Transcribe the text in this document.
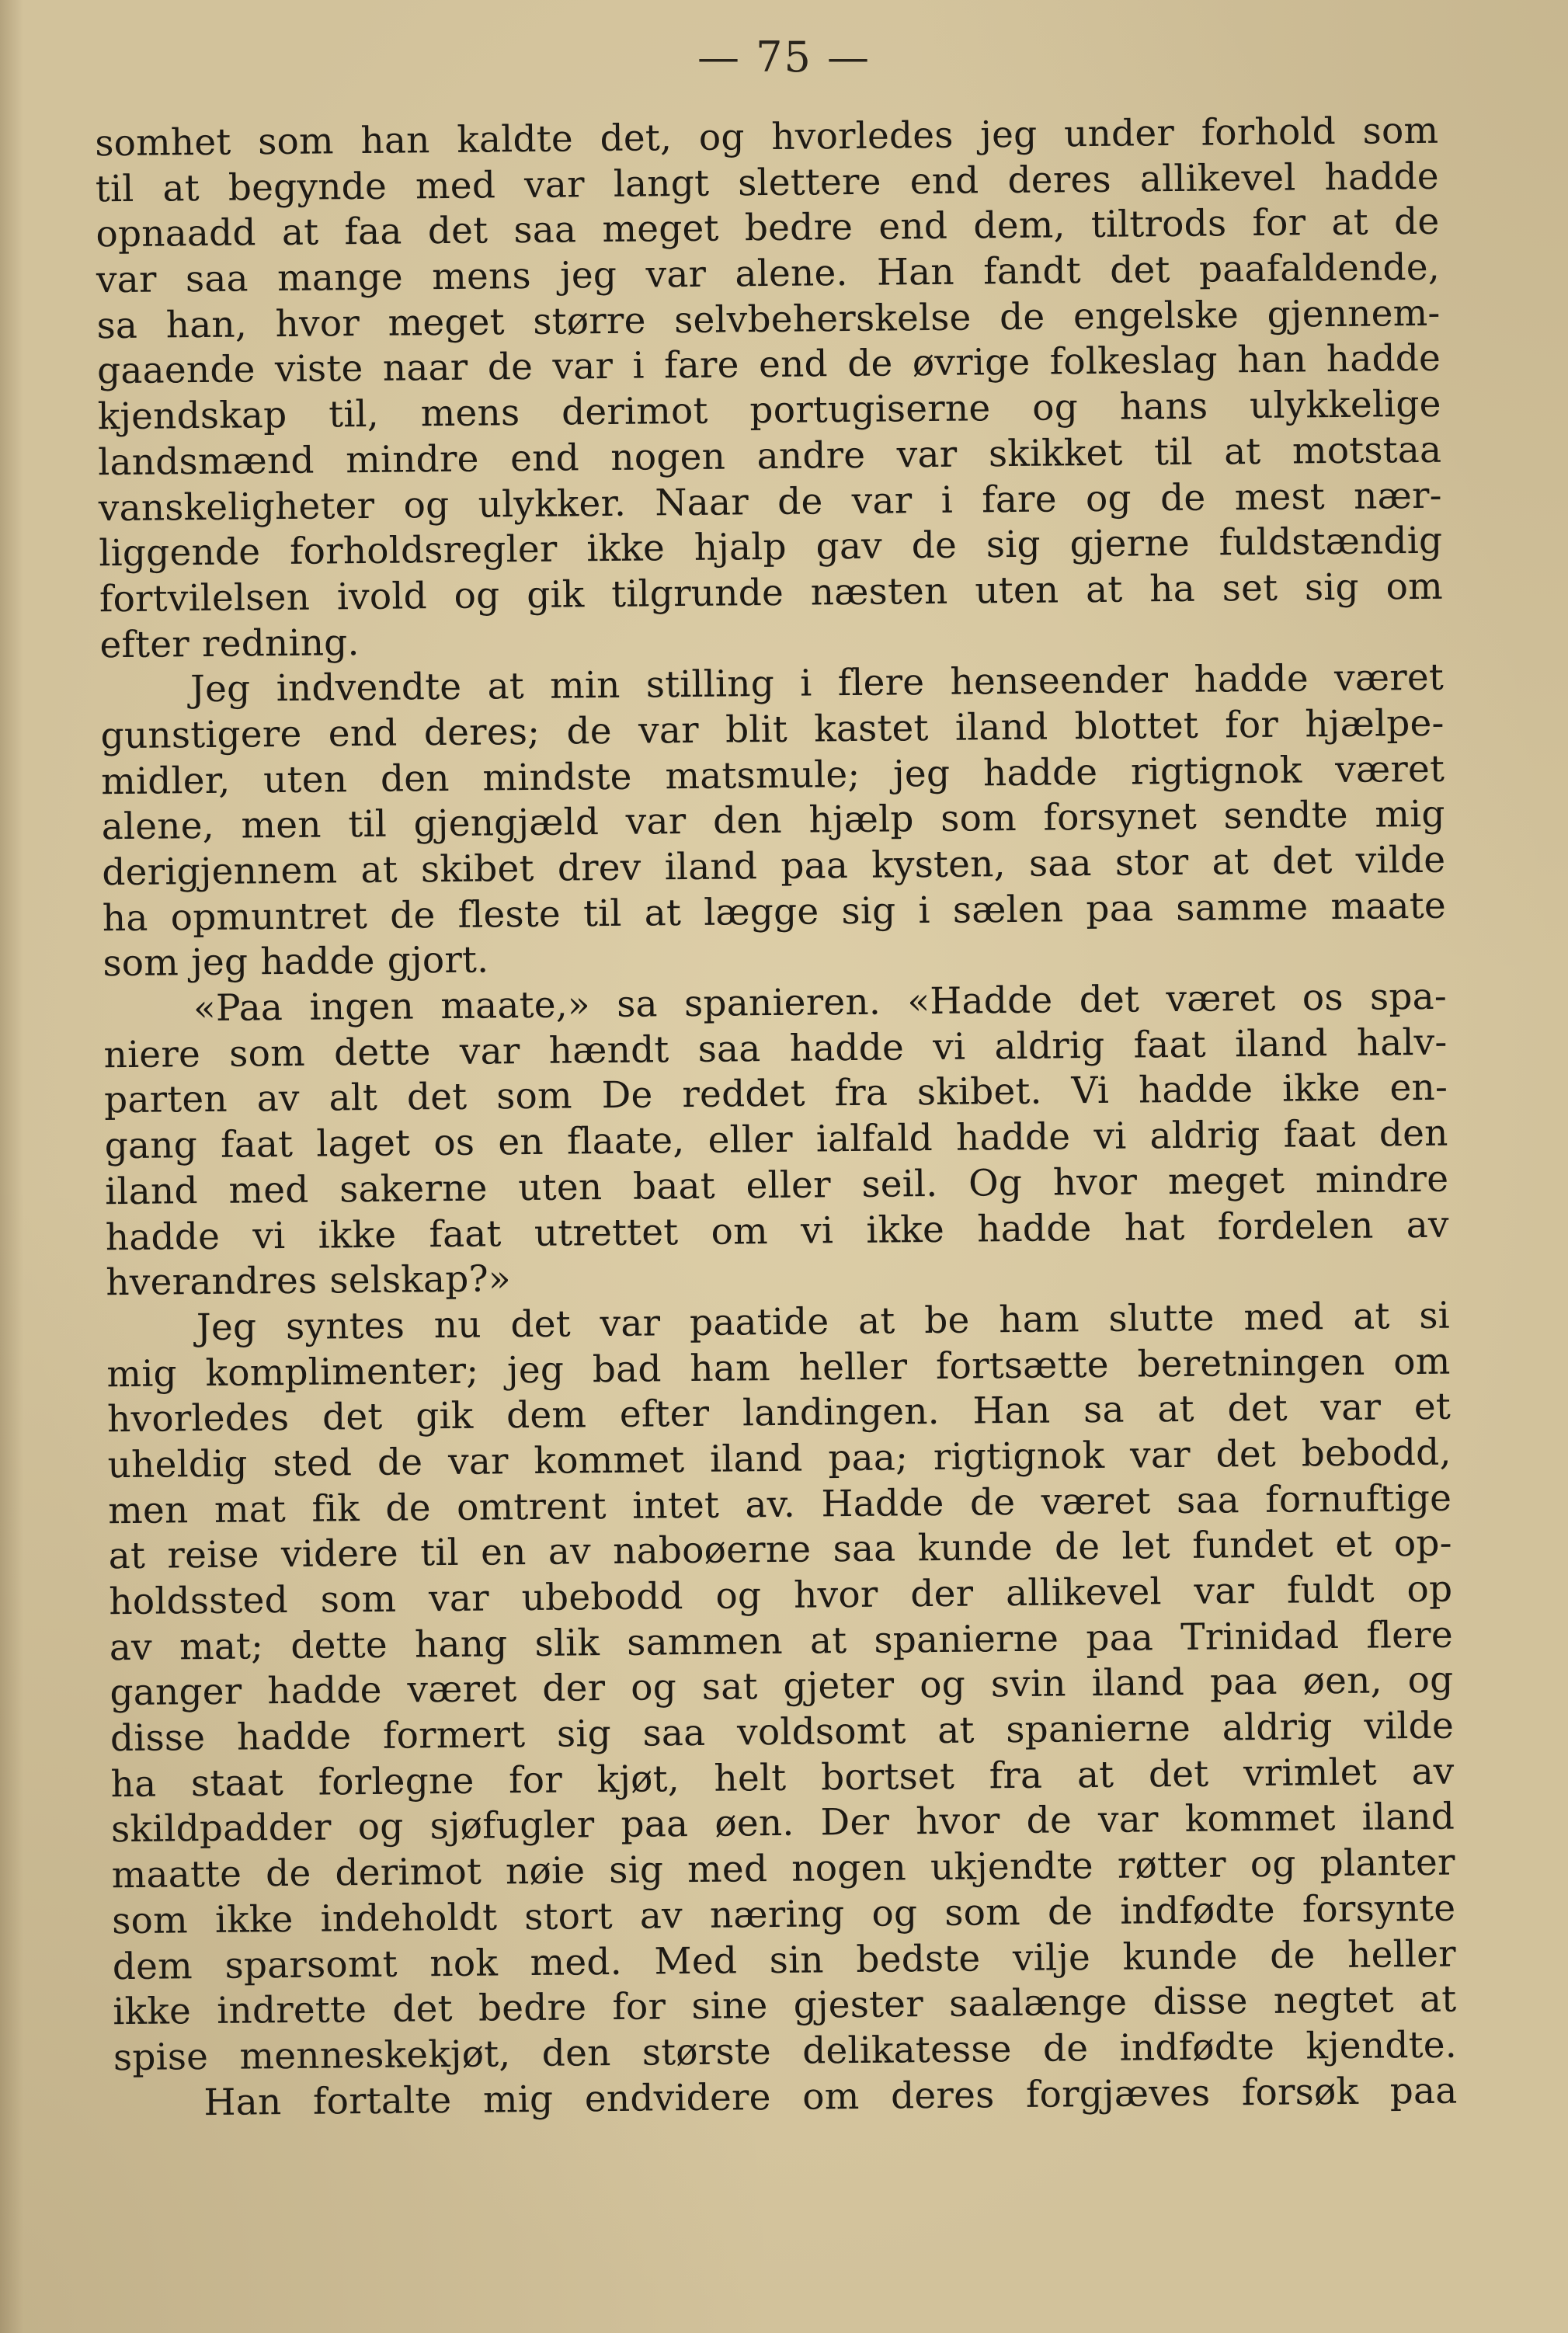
— 75 —
somhet som han kaldte det, og hvorledes jeg under forhold som
til at begynde med var langt slettere end deres allikevel hadde
opnaadd at faa det saa meget bedre end dem, tiltrods for at de
var saa mange mens jeg var alene. Han fandt det paafaldende,
sa han, hvor meget større selvbeherskelse de engelske gjennem-
gaaende viste naar de var i fare end de øvrige folkeslag han hadde
kjendskap til, mens derimot portugiserne og hans ulykkelige
landsmænd mindre end nogen andre var skikket til at motstaa
vanskeligheter og ulykker. Naar de var i fare og de mest nær-
liggende forholdsregler ikke hjalp gav de sig gjerne fuldstændig
fortvilelsen ivold og gik tilgrunde næsten uten at ha set sig om
efter redning.
Jeg indvendte at min stilling i flere henseender hadde været
gunstigere end deres; de var blit kastet iland blottet for hjælpe-
midler, uten den mindste matsmule; jeg hadde rigtignok været
alene, men til gjengjæld var den hjælp som forsynet sendte mig
derigjennem at skibet drev iland paa kysten, saa stor at det vilde
ha opmuntret de fleste til at lægge sig i sælen paa samme maate
som jeg hadde gjort.
«Paa ingen maate,» sa spanieren. «Hadde det været os spa-
niere som dette var hændt saa hadde vi aldrig faat iland halv-
parten av alt det som De reddet fra skibet. Vi hadde ikke en-
gang faat laget os en flaate, eller ialfald hadde vi aldrig faat den
iland med sakerne uten baat eller seil. Og hvor meget mindre
hadde vi ikke faat utrettet om vi ikke hadde hat fordelen av
hverandres selskap?»
Jeg syntes nu det var paatide at be ham slutte med at si
mig komplimenter; jeg bad ham heller fortsætte beretningen om
hvorledes det gik dem efter landingen. Han sa at det var et
uheldig sted de var kommet iland paa; rigtignok var det bebodd,
men mat fik de omtrent intet av. Hadde de været saa fornuftige
at reise videre til en av naboøerne saa kunde de let fundet et op-
holdssted som var ubebodd og hvor der allikevel var fuldt op
av mat; dette hang slik sammen at spanierne paa Trinidad flere
ganger hadde været der og sat gjeter og svin iland paa øen, og
disse hadde formert sig saa voldsomt at spanierne aldrig vilde
ha staat forlegne for kjøt, helt bortset fra at det vrimlet av
skildpadder og sjøfugler paa øen. Der hvor de var kommet iland
maatte de derimot nøie sig med nogen ukjendte røtter og planter
som ikke indeholdt stort av næring og som de indfødte forsynte
dem sparsomt nok med. Med sin bedste vilje kunde de heller
ikke indrette det bedre for sine gjester saalænge disse negtet at
spise menneskekjøt, den største delikatesse de indfødte kjendte.
Han fortalte mig endvidere om deres forgjæves forsøk paa
